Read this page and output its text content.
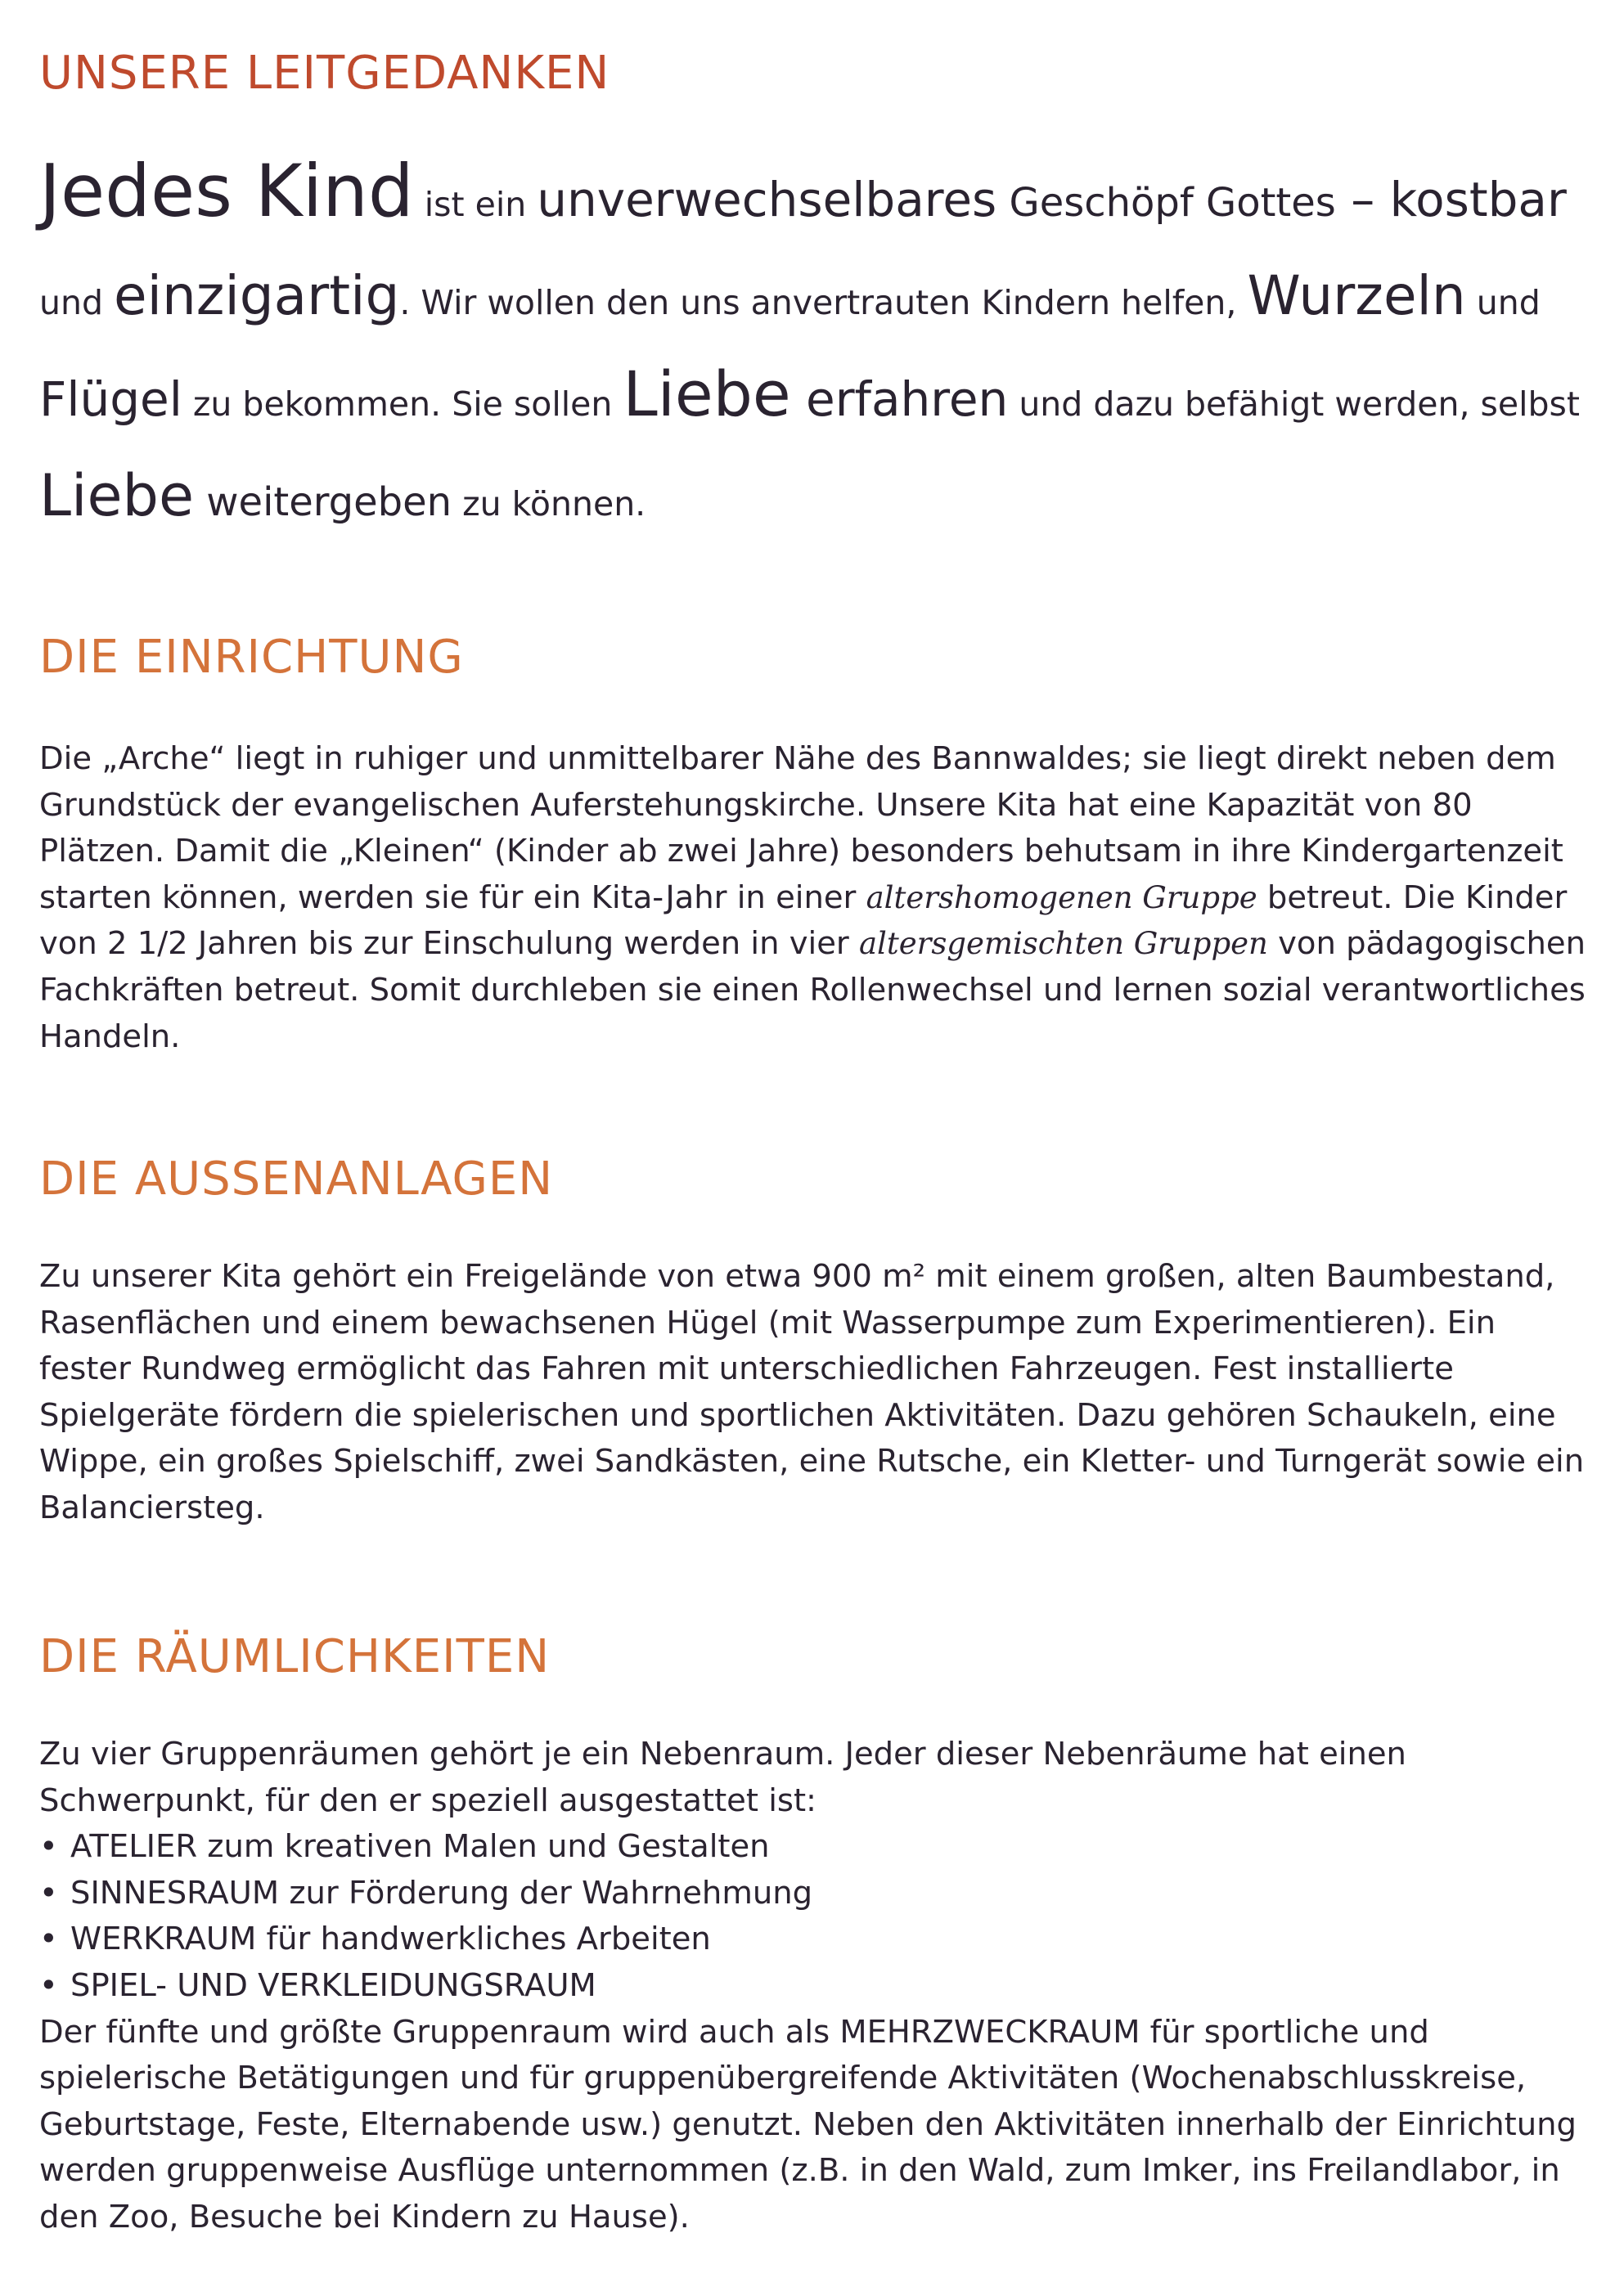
UNSERE LEITGEDANKEN

Jedes Kind ist ein unverwechselbares Geschöpf Gottes – kostbar und einzigartig. Wir wollen den uns anvertrauten Kindern helfen, Wurzeln und Flügel zu bekommen. Sie sollen Liebe erfahren und dazu befähigt werden, selbst Liebe weitergeben zu können.

DIE EINRICHTUNG

Die „Arche“ liegt in ruhiger und unmittelbarer Nähe des Bannwaldes; sie liegt direkt neben dem Grundstück der evangelischen Auferstehungskirche. Unsere Kita hat eine Kapazität von 80 Plätzen. Damit die „Kleinen“ (Kinder ab zwei Jahre) besonders behutsam in ihre Kindergartenzeit starten können, werden sie für ein Kita-Jahr in einer altershomogenen Gruppe betreut. Die Kinder von 2 1/2 Jahren bis zur Einschulung werden in vier altersgemischten Gruppen von pädagogischen Fachkräften betreut. Somit durchleben sie einen Rollenwechsel und lernen sozial verantwortliches Handeln.

DIE AUSSENANLAGEN

Zu unserer Kita gehört ein Freigelände von etwa 900 m² mit einem großen, alten Baumbestand, Rasenflächen und einem bewachsenen Hügel (mit Wasserpumpe zum Experimentieren). Ein fester Rundweg ermöglicht das Fahren mit unterschiedlichen Fahrzeugen. Fest installierte Spielgeräte fördern die spielerischen und sportlichen Aktivitäten. Dazu gehören Schaukeln, eine Wippe, ein großes Spielschiff, zwei Sandkästen, eine Rutsche, ein Kletter- und Turngerät sowie ein Balanciersteg.

DIE RÄUMLICHKEITEN

Zu vier Gruppenräumen gehört je ein Nebenraum. Jeder dieser Nebenräume hat einen Schwerpunkt, für den er speziell ausgestattet ist:

• ATELIER zum kreativen Malen und Gestalten
• SINNESRAUM zur Förderung der Wahrnehmung
• WERKRAUM für handwerkliches Arbeiten
• SPIEL- UND VERKLEIDUNGSRAUM

Der fünfte und größte Gruppenraum wird auch als MEHRZWECKRAUM für sportliche und spielerische Betätigungen und für gruppenübergreifende Aktivitäten (Wochenabschlusskreise, Geburtstage, Feste, Elternabende usw.) genutzt. Neben den Aktivitäten innerhalb der Einrichtung werden gruppenweise Ausflüge unternommen (z.B. in den Wald, zum Imker, ins Freilandlabor, in den Zoo, Besuche bei Kindern zu Hause).
